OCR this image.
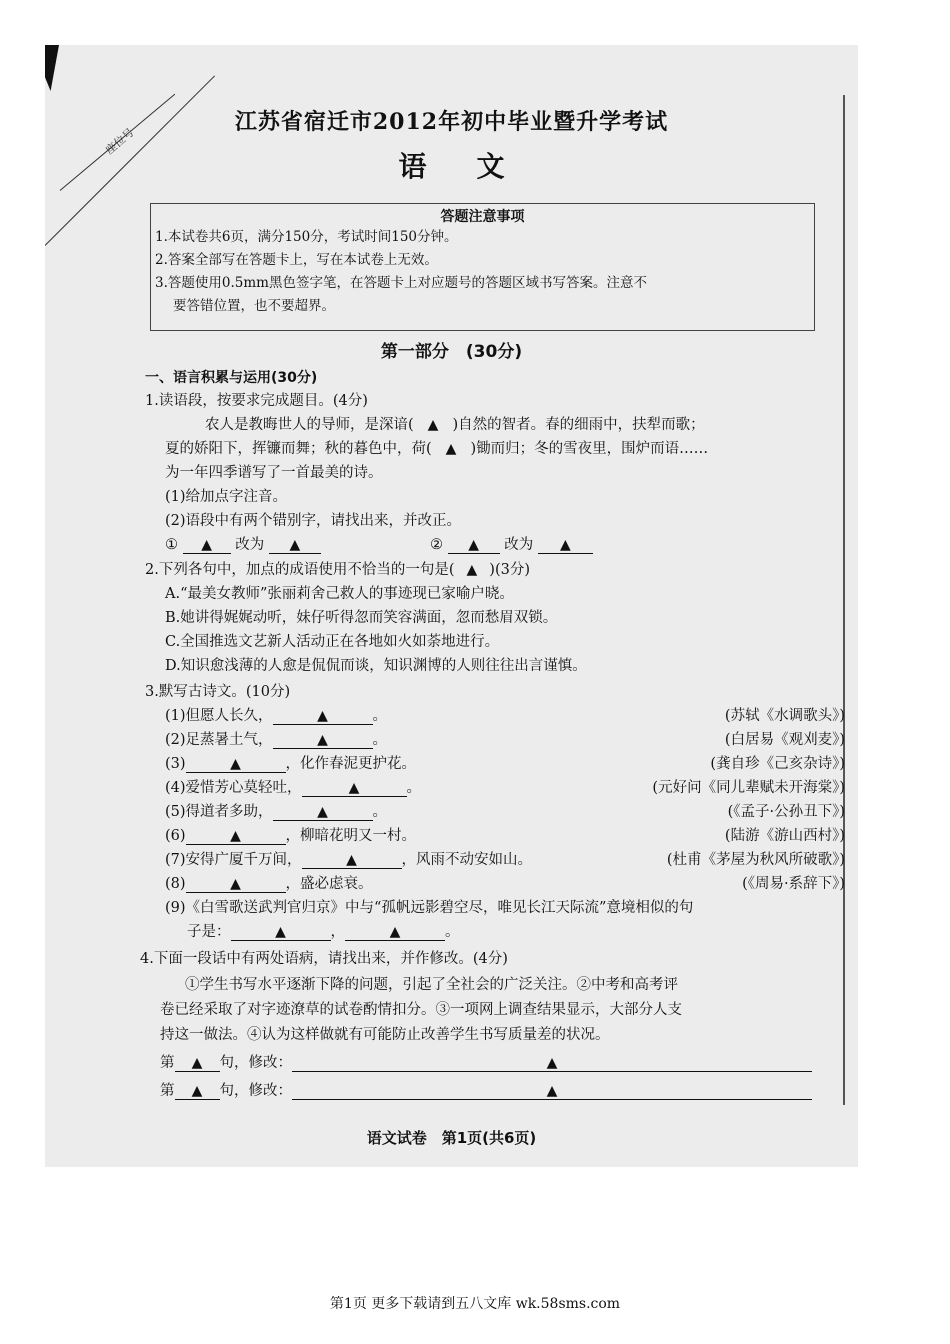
座位号
江苏省宿迁市2012年初中毕业暨升学考试
语文
答题注意事项
1.本试卷共6页，满分150分，考试时间150分钟。
2.答案全部写在答题卡上，写在本试卷上无效。
3.答题使用0.5mm黑色签字笔，在答题卡上对应题号的答题区域书写答案。注意不
要答错位置，也不要超界。
第一部分　(30分)
一、语言积累与运用(30分)
1.读语段，按要求完成题目。(4分)
农人是教晦世人的导师，是深谙( ▲ )自然的智者。春的细雨中，扶犁而歌；
夏的娇阳下，挥镰而舞；秋的暮色中，荷( ▲ )锄而归；冬的雪夜里，围炉而语……
为一年四季谱写了一首最美的诗。
(1)给加点字注音。
(2)语段中有两个错别字，请找出来，并改正。
① ▲ 改为 ▲	② ▲ 改为 ▲
2.下列各句中，加点的成语使用不恰当的一句是( ▲ )(3分)
A.“最美女教师”张丽莉舍己救人的事迹现已家喻户晓。
B.她讲得娓娓动听，妹仔听得忽而笑容满面，忽而愁眉双锁。
C.全国推选文艺新人活动正在各地如火如荼地进行。
D.知识愈浅薄的人愈是侃侃而谈，知识渊博的人则往往出言谨慎。
3.默写古诗文。(10分)
(1)但愿人长久，	▲	。	(苏轼《水调歌头》)
(2)足蒸暑土气，	▲	。	(白居易《观刈麦》)
(3)	▲	，化作春泥更护花。	(龚自珍《己亥杂诗》)
(4)爱惜芳心莫轻吐，	▲	。	(元好问《同儿辈赋未开海棠》)
(5)得道者多助，	▲	。	(《孟子·公孙丑下》)
(6)	▲	，柳暗花明又一村。	(陆游《游山西村》)
(7)安得广厦千万间，	▲	，风雨不动安如山。	(杜甫《茅屋为秋风所破歌》)
(8)	▲	，盛必虑衰。	(《周易·系辞下》)
(9)《白雪歌送武判官归京》中与“孤帆远影碧空尽，唯见长江天际流”意境相似的句
子是：	▲	，	▲	。
4.下面一段话中有两处语病，请找出来，并作修改。(4分)
①学生书写水平逐渐下降的问题，引起了全社会的广泛关注。②中考和高考评
卷已经采取了对字迹潦草的试卷酌情扣分。③一项网上调查结果显示，大部分人支
持这一做法。④认为这样做就有可能防止改善学生书写质量差的状况。
第 ▲ 句，修改：	▲
第 ▲ 句，修改：	▲
语文试卷　第1页(共6页)
第1页 更多下载请到五八文库 wk.58sms.com
